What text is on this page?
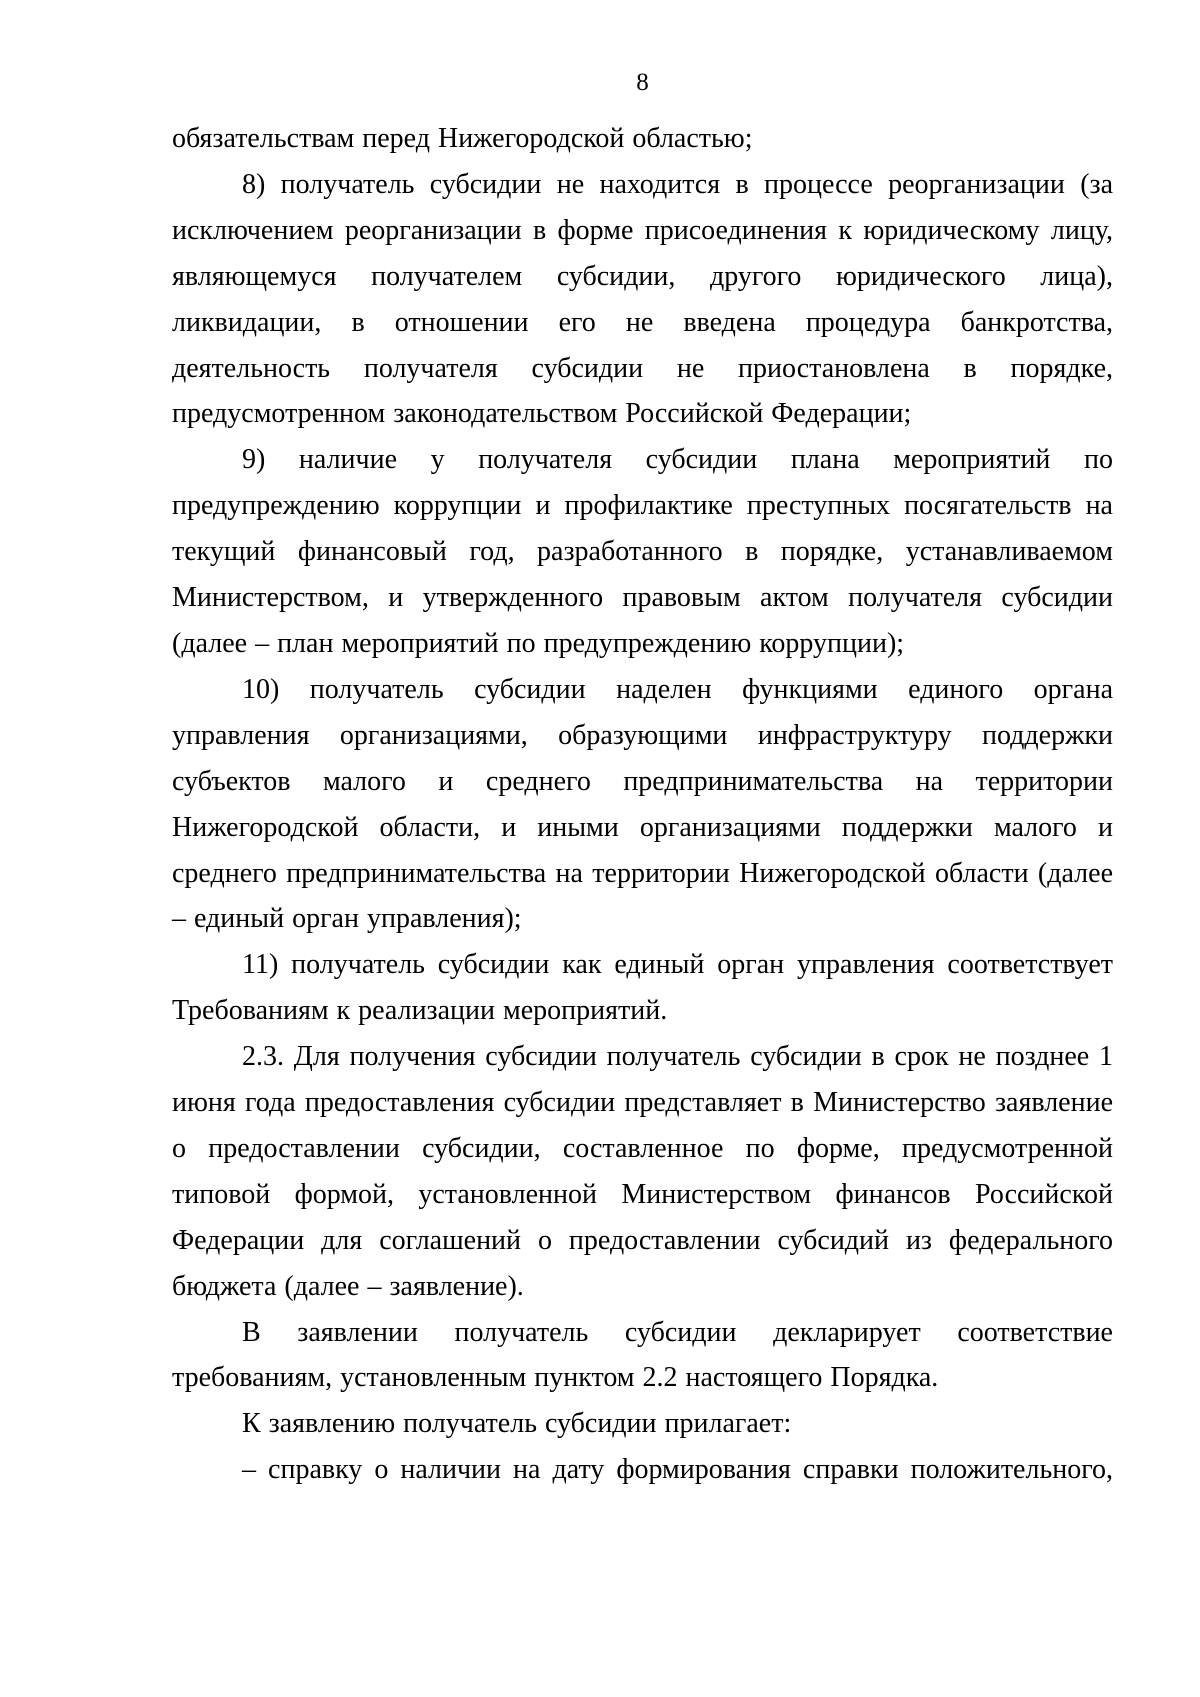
8

обязательствам перед Нижегородской областью;

8) получатель субсидии не находится в процессе реорганизации (за исключением реорганизации в форме присоединения к юридическому лицу, являющемуся получателем субсидии, другого юридического лица), ликвидации, в отношении его не введена процедура банкротства, деятельность получателя субсидии не приостановлена в порядке, предусмотренном законодательством Российской Федерации;

9) наличие у получателя субсидии плана мероприятий по предупреждению коррупции и профилактике преступных посягательств на текущий финансовый год, разработанного в порядке, устанавливаемом Министерством, и утвержденного правовым актом получателя субсидии (далее – план мероприятий по предупреждению коррупции);

10) получатель субсидии наделен функциями единого органа управления организациями, образующими инфраструктуру поддержки субъектов малого и среднего предпринимательства на территории Нижегородской области, и иными организациями поддержки малого и среднего предпринимательства на территории Нижегородской области (далее – единый орган управления);

11) получатель субсидии как единый орган управления соответствует Требованиям к реализации мероприятий.

2.3. Для получения субсидии получатель субсидии в срок не позднее 1 июня года предоставления субсидии представляет в Министерство заявление о предоставлении субсидии, составленное по форме, предусмотренной типовой формой, установленной Министерством финансов Российской Федерации для соглашений о предоставлении субсидий из федерального бюджета (далее – заявление).

В заявлении получатель субсидии декларирует соответствие требованиям, установленным пунктом 2.2 настоящего Порядка.

К заявлению получатель субсидии прилагает:

– справку о наличии на дату формирования справки положительного,
